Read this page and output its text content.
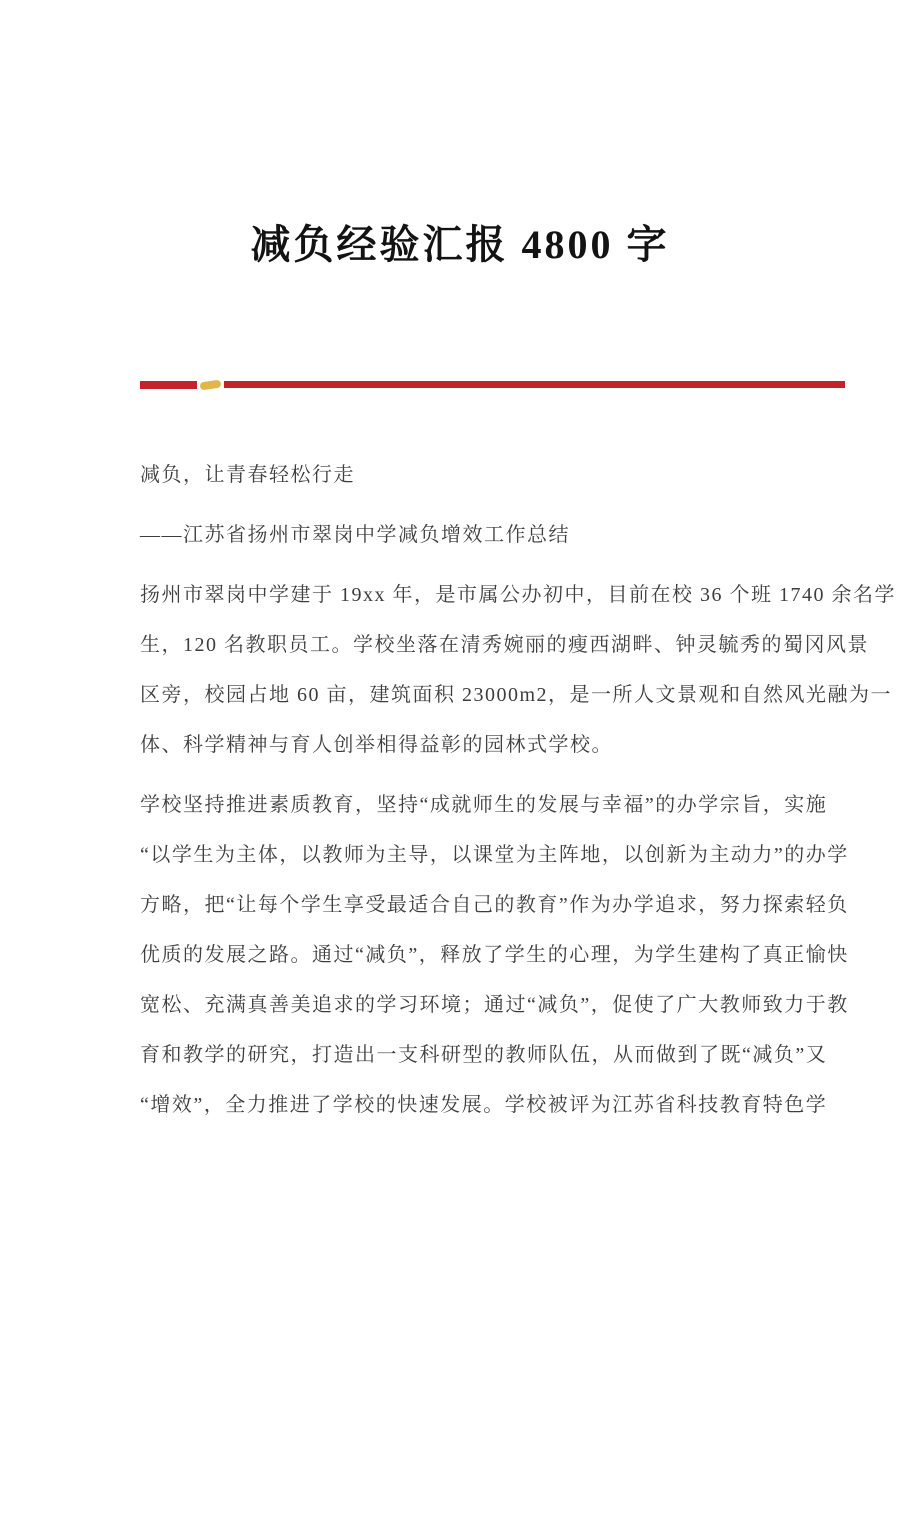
减负经验汇报 4800 字
减负，让青春轻松行走
——江苏省扬州市翠岗中学减负增效工作总结
扬州市翠岗中学建于 19xx 年，是市属公办初中，目前在校 36 个班 1740 余名学
生，120 名教职员工。学校坐落在清秀婉丽的瘦西湖畔、钟灵毓秀的蜀冈风景
区旁，校园占地 60 亩，建筑面积 23000m2，是一所人文景观和自然风光融为一
体、科学精神与育人创举相得益彰的园林式学校。
学校坚持推进素质教育，坚持“成就师生的发展与幸福”的办学宗旨，实施
“以学生为主体，以教师为主导，以课堂为主阵地，以创新为主动力”的办学
方略，把“让每个学生享受最适合自己的教育”作为办学追求，努力探索轻负
优质的发展之路。通过“减负”，释放了学生的心理，为学生建构了真正愉快
宽松、充满真善美追求的学习环境；通过“减负”，促使了广大教师致力于教
育和教学的研究，打造出一支科研型的教师队伍，从而做到了既“减负”又
“增效”，全力推进了学校的快速发展。学校被评为江苏省科技教育特色学
